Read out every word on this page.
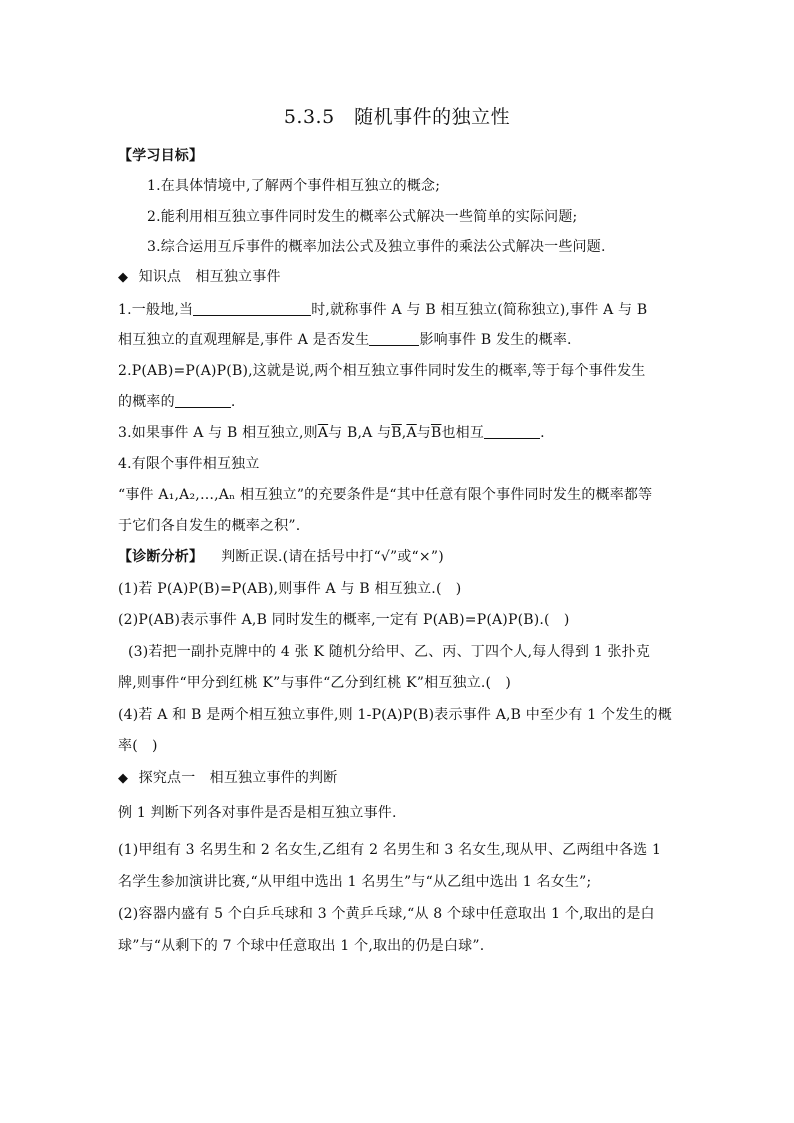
5.3.5　随机事件的独立性
【学习目标】
1.在具体情境中,了解两个事件相互独立的概念;
2.能利用相互独立事件同时发生的概率公式解决一些简单的实际问题;
3.综合运用互斥事件的概率加法公式及独立事件的乘法公式解决一些问题.
◆ 知识点　相互独立事件
1.一般地,当	时,就称事件 A 与 B 相互独立(简称独立),事件 A 与 B
相互独立的直观理解是,事件 A 是否发生	影响事件 B 发生的概率.
2.P(AB)=P(A)P(B),这就是说,两个相互独立事件同时发生的概率,等于每个事件发生
的概率的	.
3.如果事件 A 与 B 相互独立,则$\overline{A}$与 B,A 与$\overline{B},\overline{A}$与$\overline{B}$也相互	.
4.有限个事件相互独立
“事件 A₁,A₂,…,Aₙ 相互独立”的充要条件是“其中任意有限个事件同时发生的概率都等
于它们各自发生的概率之积”.
【诊断分析】 判断正误.(请在括号中打“√”或“×”)
(1)若 P(A)P(B)=P(AB),则事件 A 与 B 相互独立.(　)
(2)P(AB)表示事件 A,B 同时发生的概率,一定有 P(AB)=P(A)P(B).(　)
(3)若把一副扑克牌中的 4 张 K 随机分给甲、乙、丙、丁四个人,每人得到 1 张扑克
牌,则事件“甲分到红桃 K”与事件“乙分到红桃 K”相互独立.(　)
(4)若 A 和 B 是两个相互独立事件,则 1-P(A)P(B)表示事件 A,B 中至少有 1 个发生的概
率(　)
◆ 探究点一　相互独立事件的判断
例 1 判断下列各对事件是否是相互独立事件.
(1)甲组有 3 名男生和 2 名女生,乙组有 2 名男生和 3 名女生,现从甲、乙两组中各选 1
名学生参加演讲比赛,“从甲组中选出 1 名男生”与“从乙组中选出 1 名女生”;
(2)容器内盛有 5 个白乒乓球和 3 个黄乒乓球,“从 8 个球中任意取出 1 个,取出的是白
球”与“从剩下的 7 个球中任意取出 1 个,取出的仍是白球”.
